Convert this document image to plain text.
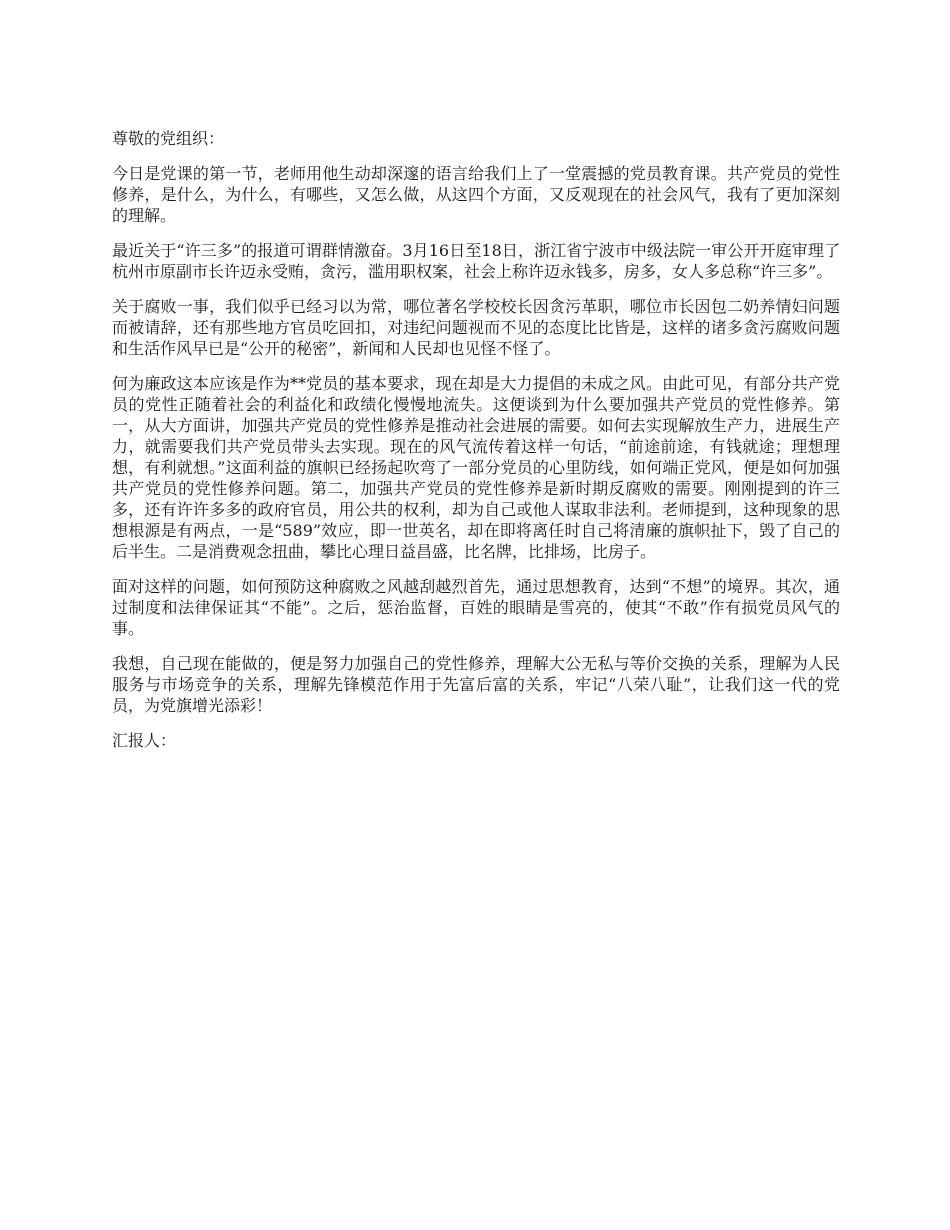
尊敬的党组织：

今日是党课的第一节，老师用他生动却深邃的语言给我们上了一堂震撼的党员教育课。共产党员的党性修养，是什么，为什么，有哪些，又怎么做，从这四个方面，又反观现在的社会风气，我有了更加深刻的理解。

最近关于“许三多”的报道可谓群情激奋。3月16日至18日，浙江省宁波市中级法院一审公开开庭审理了杭州市原副市长许迈永受贿，贪污，滥用职权案，社会上称许迈永钱多，房多，女人多总称“许三多”。

关于腐败一事，我们似乎已经习以为常，哪位著名学校校长因贪污革职，哪位市长因包二奶养情妇问题而被请辞，还有那些地方官员吃回扣，对违纪问题视而不见的态度比比皆是，这样的诸多贪污腐败问题和生活作风早已是“公开的秘密”，新闻和人民却也见怪不怪了。

何为廉政这本应该是作为**党员的基本要求，现在却是大力提倡的未成之风。由此可见，有部分共产党员的党性正随着社会的利益化和政绩化慢慢地流失。这便谈到为什么要加强共产党员的党性修养。第一，从大方面讲，加强共产党员的党性修养是推动社会进展的需要。如何去实现解放生产力，进展生产力，就需要我们共产党员带头去实现。现在的风气流传着这样一句话，“前途前途，有钱就途；理想理想，有利就想。”这面利益的旗帜已经扬起吹弯了一部分党员的心里防线，如何端正党风，便是如何加强共产党员的党性修养问题。第二，加强共产党员的党性修养是新时期反腐败的需要。刚刚提到的许三多，还有许许多多的政府官员，用公共的权利，却为自己或他人谋取非法利。老师提到，这种现象的思想根源是有两点，一是“589”效应，即一世英名，却在即将离任时自己将清廉的旗帜扯下，毁了自己的后半生。二是消费观念扭曲，攀比心理日益昌盛，比名牌，比排场，比房子。

面对这样的问题，如何预防这种腐败之风越刮越烈首先，通过思想教育，达到“不想”的境界。其次，通过制度和法律保证其“不能”。之后，惩治监督，百姓的眼睛是雪亮的，使其“不敢”作有损党员风气的事。

我想，自己现在能做的，便是努力加强自己的党性修养，理解大公无私与等价交换的关系，理解为人民服务与市场竞争的关系，理解先锋模范作用于先富后富的关系，牢记“八荣八耻”，让我们这一代的党员，为党旗增光添彩！

汇报人：
